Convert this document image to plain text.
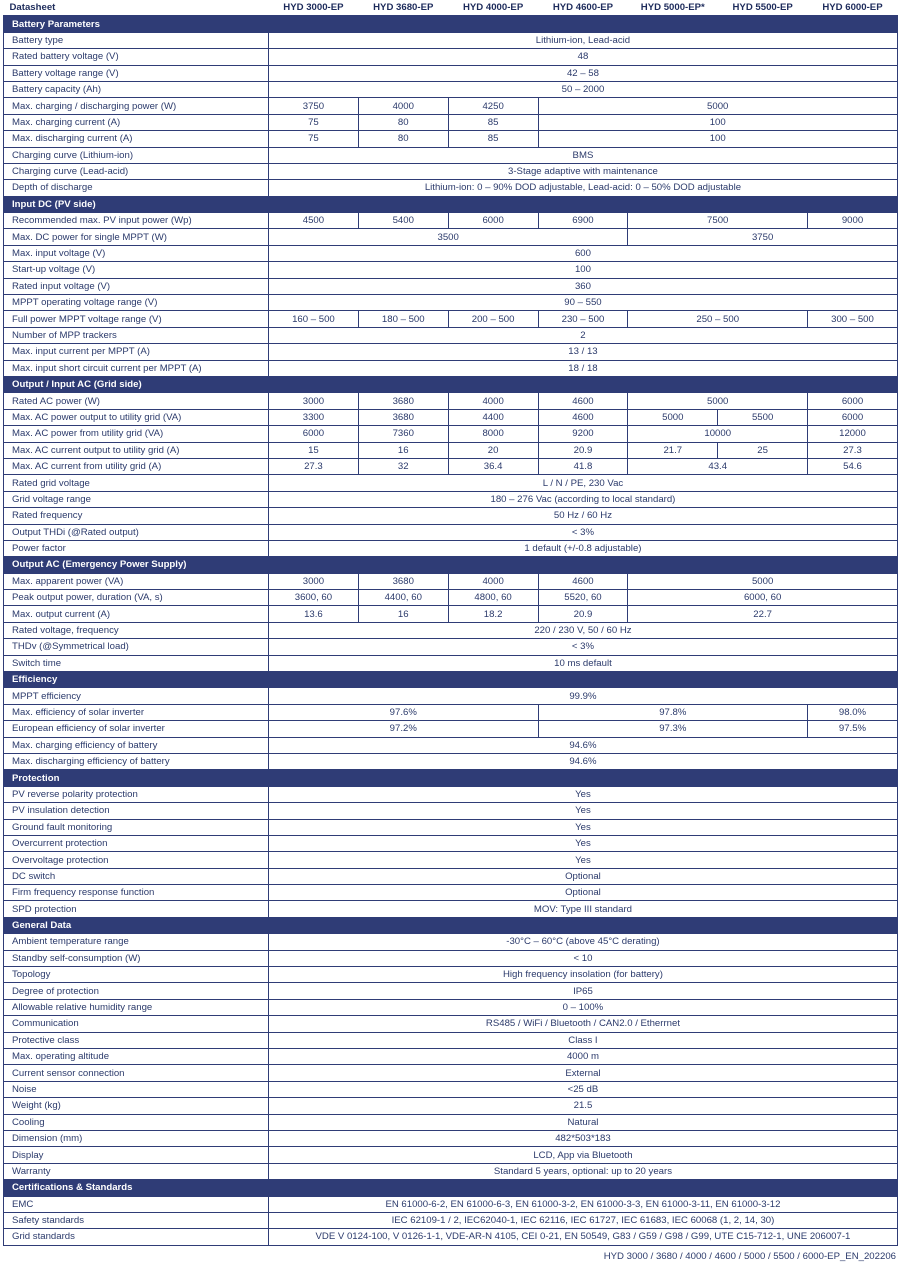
Datasheet	HYD 3000-EP	HYD 3680-EP	HYD 4000-EP	HYD 4600-EP	HYD 5000-EP*	HYD 5500-EP	HYD 6000-EP
Battery Parameters							
Battery type	Lithium-ion, Lead-acid						
Rated battery voltage (V)	48						
Battery voltage range (V)	42 – 58						
Battery capacity (Ah)	50 – 2000						
Max. charging / discharging power (W)	3750	4000	4250	5000			
Max. charging current (A)	75	80	85	100			
Max. discharging current (A)	75	80	85	100			
Charging curve (Lithium-ion)	BMS						
Charging curve (Lead-acid)	3-Stage adaptive with maintenance						
Depth of discharge	Lithium-ion: 0 – 90% DOD adjustable, Lead-acid: 0 – 50% DOD adjustable						
Input DC (PV side)							
Recommended max. PV input power (Wp)	4500	5400	6000	6900	7500		9000
Max. DC power for single MPPT (W)	3500				3750		
Max. input voltage (V)	600						
Start-up voltage (V)	100						
Rated input voltage (V)	360						
MPPT operating voltage range (V)	90 – 550						
Full power MPPT voltage range (V)	160 – 500	180 – 500	200 – 500	230 – 500	250 – 500		300 – 500
Number of MPP trackers	2						
Max. input current per MPPT (A)	13 / 13						
Max. input short circuit current per MPPT (A)	18 / 18						
Output / Input AC (Grid side)							
Rated AC power (W)	3000	3680	4000	4600	5000		6000
Max. AC power output to utility grid (VA)	3300	3680	4400	4600	5000	5500	6000
Max. AC power from utility grid (VA)	6000	7360	8000	9200	10000		12000
Max. AC current output to utility grid (A)	15	16	20	20.9	21.7	25	27.3
Max. AC current from utility grid (A)	27.3	32	36.4	41.8	43.4		54.6
Rated grid voltage	L / N / PE, 230 Vac						
Grid voltage range	180 – 276 Vac (according to local standard)						
Rated frequency	50 Hz / 60 Hz						
Output THDi (@Rated output)	< 3%						
Power factor	1 default (+/-0.8 adjustable)						
Output AC (Emergency Power Supply)							
Max. apparent power (VA)	3000	3680	4000	4600	5000		
Peak output power, duration (VA, s)	3600, 60	4400, 60	4800, 60	5520, 60	6000, 60		
Max. output current (A)	13.6	16	18.2	20.9	22.7		
Rated voltage, frequency	220 / 230 V, 50 / 60 Hz						
THDv (@Symmetrical load)	< 3%						
Switch time	10 ms default						
Efficiency							
MPPT efficiency	99.9%						
Max. efficiency of solar inverter	97.6%			97.8%			98.0%
European efficiency of solar inverter	97.2%			97.3%			97.5%
Max. charging efficiency of battery	94.6%						
Max. discharging efficiency of battery	94.6%						
Protection							
PV reverse polarity protection	Yes						
PV insulation detection	Yes						
Ground fault monitoring	Yes						
Overcurrent protection	Yes						
Overvoltage protection	Yes						
DC switch	Optional						
Firm frequency response function	Optional						
SPD protection	MOV: Type III standard						
General Data							
Ambient temperature range	-30°C – 60°C (above 45°C derating)						
Standby self-consumption (W)	< 10						
Topology	High frequency insolation (for battery)						
Degree of protection	IP65						
Allowable relative humidity range	0 – 100%						
Communication	RS485 / WiFi / Bluetooth / CAN2.0 / Etherrnet						
Protective class	Class I						
Max. operating altitude	4000 m						
Current sensor connection	External						
Noise	<25 dB						
Weight (kg)	21.5						
Cooling	Natural						
Dimension (mm)	482*503*183						
Display	LCD, App via Bluetooth						
Warranty	Standard 5 years, optional: up to 20 years						
Certifications & Standards							
EMC	EN 61000-6-2, EN 61000-6-3, EN 61000-3-2, EN 61000-3-3, EN 61000-3-11, EN 61000-3-12						
Safety standards	IEC 62109-1 / 2, IEC62040-1, IEC 62116, IEC 61727, IEC 61683, IEC 60068 (1, 2, 14, 30)						
Grid standards	VDE V 0124-100, V 0126-1-1, VDE-AR-N 4105, CEI 0-21, EN 50549, G83 / G59 / G98 / G99, UTE C15-712-1, UNE 206007-1						
HYD 3000 / 3680 / 4000 / 4600 / 5000 / 5500 / 6000-EP_EN_202206
